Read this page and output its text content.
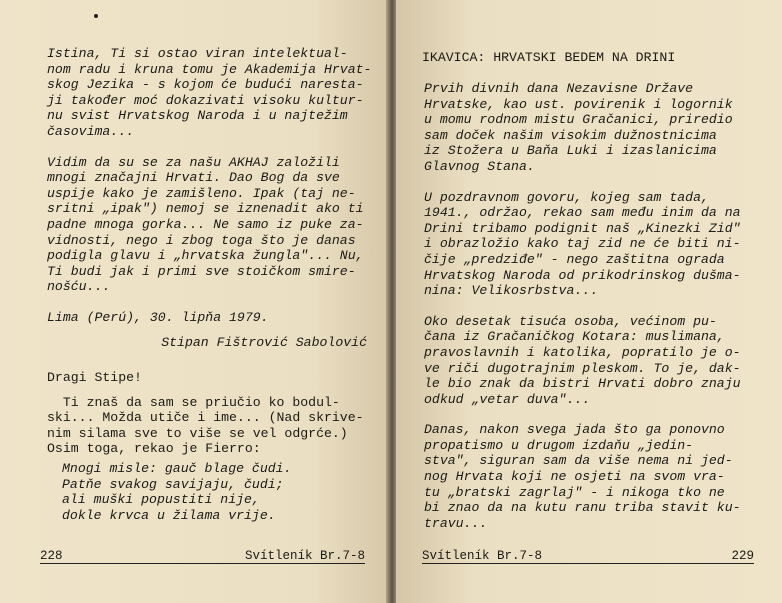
Istina, Ti si ostao viran intelektual-

nom radu i kruna tomu je Akademija Hrvat-

skog Jezika - s kojom će budući naresta-

ji također moć dokazivati visoku kultur-

nu svist Hrvatskog Naroda i u najtežim

časovima...

Vidim da su se za našu AKHAJ založili

mnogi značajni Hrvati. Dao Bog da sve

uspije kako je zamišleno. Ipak (taj ne-

sritni „ipak") nemoj se iznenadit ako ti

padne mnoga gorka... Ne samo iz puke za-

vidnosti, nego i zbog toga što je danas

podigla glavu i „hrvatska žungla"... Nu,

Ti budi jak i primi sve stoičkom smire-

nošću...

Lima (Perú), 30. lipňa 1979.

Stipan Fištrović Sabolović

Dragi Stipe!

Ti znaš da sam se priučio ko bodul-

ski... Možda utiče i ime... (Nad skrive-

nim silama sve to više se vel odgrće.)

Osim toga, rekao je Fierro:

Mnogi misle: gauč blage čudi.

Patňe svakog savijaju, čudi;

ali muški popustiti nije,

dokle krvca u žilama vrije.

228	Svítleník Br.7-8

IKAVICA: HRVATSKI BEDEM NA DRINI

Prvih divnih dana Nezavisne Države

Hrvatske, kao ust. povirenik i logornik

u momu rodnom mistu Gračanici, priredio

sam doček našim visokim dužnostnicima

iz Stožera u Baňa Luki i izaslanicima

Glavnog Stana.

U pozdravnom govoru, kojeg sam tada,

1941., održao, rekao sam među inim da na

Drini tribamo podignit naš „Kinezki Zid"

i obrazložio kako taj zid ne će biti ni-

čije „predziđe" - nego zaštitna ograda

Hrvatskog Naroda od prikodrinskog dušma-

nina: Velikosrbstva...

Oko desetak tisuća osoba, većinom pu-

čana iz Gračaničkog Kotara: muslimana,

pravoslavnih i katolika, popratilo je o-

ve riči dugotrajnim pleskom. To je, dak-

le bio znak da bistri Hrvati dobro znaju

odkud „vetar duva"...

Danas, nakon svega jada što ga ponovno

propatismo u drugom izdaňu „jedin-

stva", siguran sam da više nema ni jed-

nog Hrvata koji ne osjeti na svom vra-

tu „bratski zagrlaj" - i nikoga tko ne

bi znao da na kutu ranu triba stavit ku-

travu...

Svítleník Br.7-8	229
